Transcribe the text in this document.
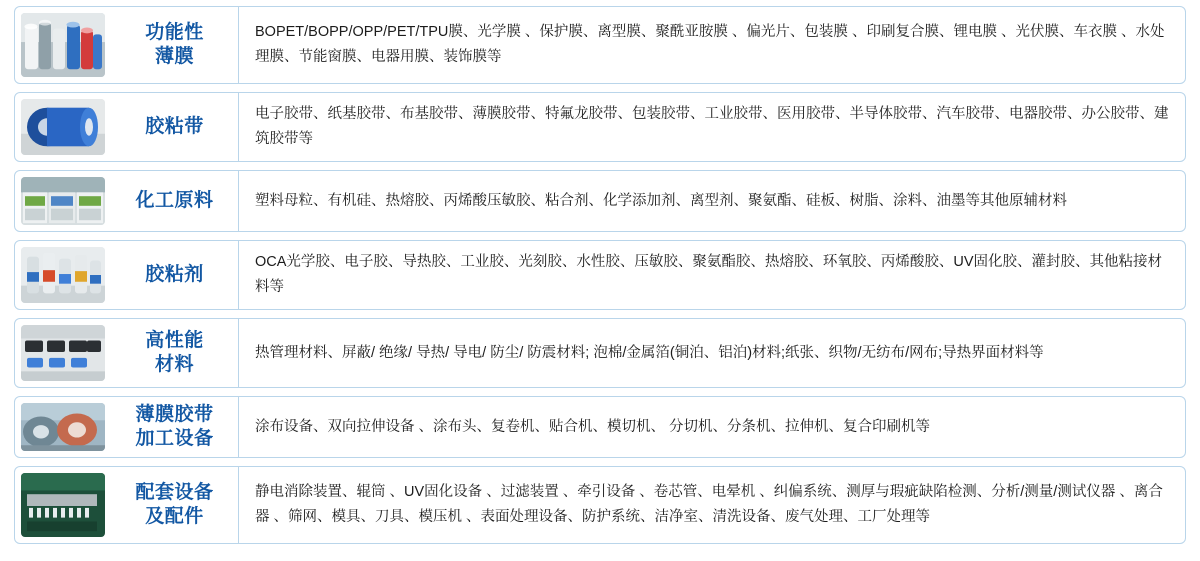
功能性
薄膜
BOPET/BOPP/OPP/PET/TPU膜、光学膜 、保护膜、离型膜、聚酰亚胺膜 、偏光片、包装膜 、印刷复合膜、锂电膜 、光伏膜、车衣膜 、水处理膜、节能窗膜、电器用膜、装饰膜等
胶粘带
电子胶带、纸基胶带、布基胶带、薄膜胶带、特氟龙胶带、包装胶带、工业胶带、医用胶带、半导体胶带、汽车胶带、电器胶带、办公胶带、建筑胶带等
化工原料	塑料母粒、有机硅、热熔胶、丙烯酸压敏胶、粘合剂、化学添加剂、离型剂、聚氨酯、硅板、树脂、涂料、油墨等其他原辅材料
胶粘剂
OCA光学胶、电子胶、导热胶、工业胶、光刻胶、水性胶、压敏胶、聚氨酯胶、热熔胶、环氧胶、丙烯酸胶、UV固化胶、灌封胶、其他粘接材料等
高性能
材料
热管理材料、屏蔽/ 绝缘/ 导热/ 导电/ 防尘/ 防震材料; 泡棉/金属箔(铜泊、铝泊)材料;纸张、织物/无纺布/网布;导热界面材料等
薄膜胶带
加工设备
涂布设备、双向拉伸设备 、涂布头、复卷机、贴合机、模切机、 分切机、分条机、拉伸机、复合印刷机等
配套设备
及配件
静电消除装置、辊筒 、UV固化设备 、过滤装置 、牵引设备 、卷芯管、电晕机 、纠偏系统、测厚与瑕疵缺陷检测、分析/测量/测试仪器 、离合器 、筛网、模具、刀具、模压机 、表面处理设备、防护系统、洁净室、清洗设备、废气处理、工厂处理等
